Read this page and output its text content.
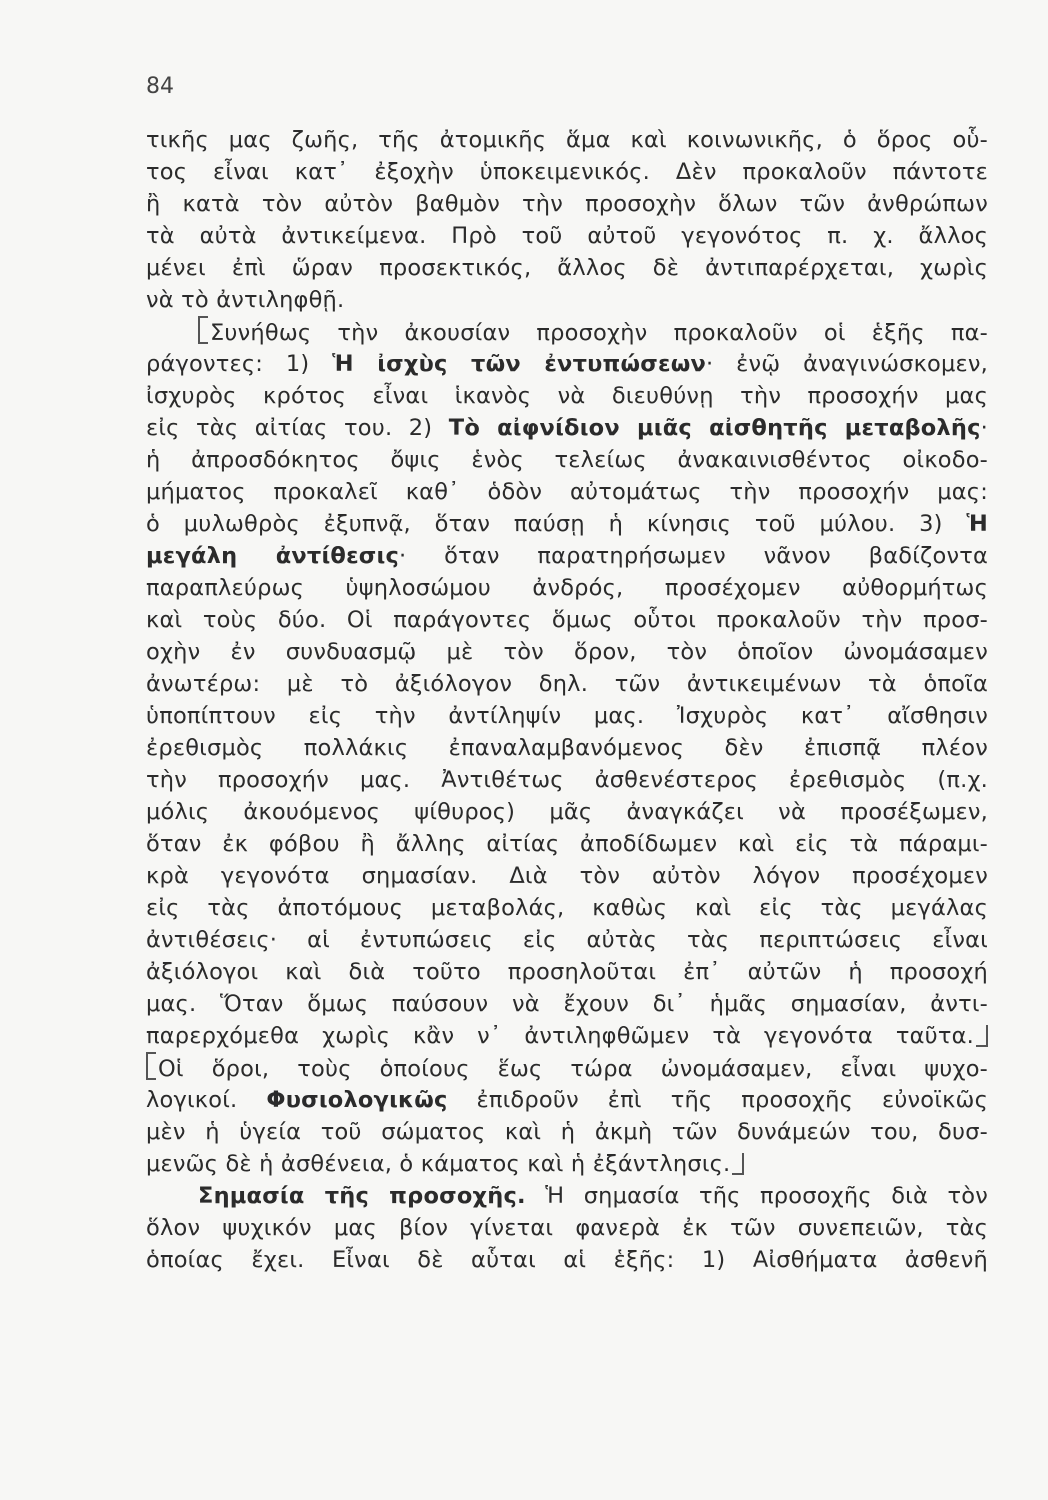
84
τικῆς μας ζωῆς, τῆς ἀτομικῆς ἅμα καὶ κοινωνικῆς, ὁ ὅρος οὗ-
τος εἶναι κατ᾽ ἐξοχὴν ὑποκειμενικός. Δὲν προκαλοῦν πάντοτε
ἢ κατὰ τὸν αὐτὸν βαθμὸν τὴν προσοχὴν ὅλων τῶν ἀνθρώπων
τὰ αὐτὰ ἀντικείμενα. Πρὸ τοῦ αὐτοῦ γεγονότος π. χ. ἄλλος
μένει ἐπὶ ὥραν προσεκτικός, ἄλλος δὲ ἀντιπαρέρχεται, χωρὶς
νὰ τὸ ἀντιληφθῇ.
Συνήθως τὴν ἀκουσίαν προσοχὴν προκαλοῦν οἱ ἑξῆς πα-
ράγοντες: 1) Ἡ ἰσχὺς τῶν ἐντυπώσεων· ἐνῷ ἀναγινώσκομεν,
ἰσχυρὸς κρότος εἶναι ἱκανὸς νὰ διευθύνῃ τὴν προσοχήν μας
εἰς τὰς αἰτίας του. 2) Τὸ αἰφνίδιον μιᾶς αἰσθητῆς μεταβολῆς·
ἡ ἀπροσδόκητος ὄψις ἑνὸς τελείως ἀνακαινισθέντος οἰκοδο-
μήματος προκαλεῖ καθ᾽ ὁδὸν αὐτομάτως τὴν προσοχήν μας:
ὁ μυλωθρὸς ἐξυπνᾷ, ὅταν παύσῃ ἡ κίνησις τοῦ μύλου. 3) Ἡ
μεγάλη ἀντίθεσις· ὅταν παρατηρήσωμεν νᾶνον βαδίζοντα
παραπλεύρως ὑψηλοσώμου ἀνδρός, προσέχομεν αὐθορμήτως
καὶ τοὺς δύο. Οἱ παράγοντες ὅμως οὗτοι προκαλοῦν τὴν προσ-
οχὴν ἐν συνδυασμῷ μὲ τὸν ὅρον, τὸν ὁποῖον ὠνομάσαμεν
ἀνωτέρω: μὲ τὸ ἀξιόλογον δηλ. τῶν ἀντικειμένων τὰ ὁποῖα
ὑποπίπτουν εἰς τὴν ἀντίληψίν μας. Ἰσχυρὸς κατ᾽ αἴσθησιν
ἐρεθισμὸς πολλάκις ἐπαναλαμβανόμενος δὲν ἐπισπᾷ πλέον
τὴν προσοχήν μας. Ἀντιθέτως ἀσθενέστερος ἐρεθισμὸς (π.χ.
μόλις ἀκουόμενος ψίθυρος) μᾶς ἀναγκάζει νὰ προσέξωμεν,
ὅταν ἐκ φόβου ἢ ἄλλης αἰτίας ἀποδίδωμεν καὶ εἰς τὰ πάραμι-
κρὰ γεγονότα σημασίαν. Διὰ τὸν αὐτὸν λόγον προσέχομεν
εἰς τὰς ἀποτόμους μεταβολάς, καθὼς καὶ εἰς τὰς μεγάλας
ἀντιθέσεις· αἱ ἐντυπώσεις εἰς αὐτὰς τὰς περιπτώσεις εἶναι
ἀξιόλογοι καὶ διὰ τοῦτο προσηλοῦται ἐπ᾽ αὐτῶν ἡ προσοχή
μας. Ὅταν ὅμως παύσουν νὰ ἔχουν δι᾽ ἡμᾶς σημασίαν, ἀντι-
παρερχόμεθα χωρὶς κἂν ν᾽ ἀντιληφθῶμεν τὰ γεγονότα ταῦτα.
Οἱ ὅροι, τοὺς ὁποίους ἕως τώρα ὠνομάσαμεν, εἶναι ψυχο-
λογικοί. Φυσιολογικῶς ἐπιδροῦν ἐπὶ τῆς προσοχῆς εὐνοϊκῶς
μὲν ἡ ὑγεία τοῦ σώματος καὶ ἡ ἀκμὴ τῶν δυνάμεών του, δυσ-
μενῶς δὲ ἡ ἀσθένεια, ὁ κάματος καὶ ἡ ἐξάντλησις.
Σημασία τῆς προσοχῆς. Ἡ σημασία τῆς προσοχῆς διὰ τὸν
ὅλον ψυχικόν μας βίον γίνεται φανερὰ ἐκ τῶν συνεπειῶν, τὰς
ὁποίας ἔχει. Εἶναι δὲ αὗται αἱ ἑξῆς: 1) Αἰσθήματα ἀσθενῆ
